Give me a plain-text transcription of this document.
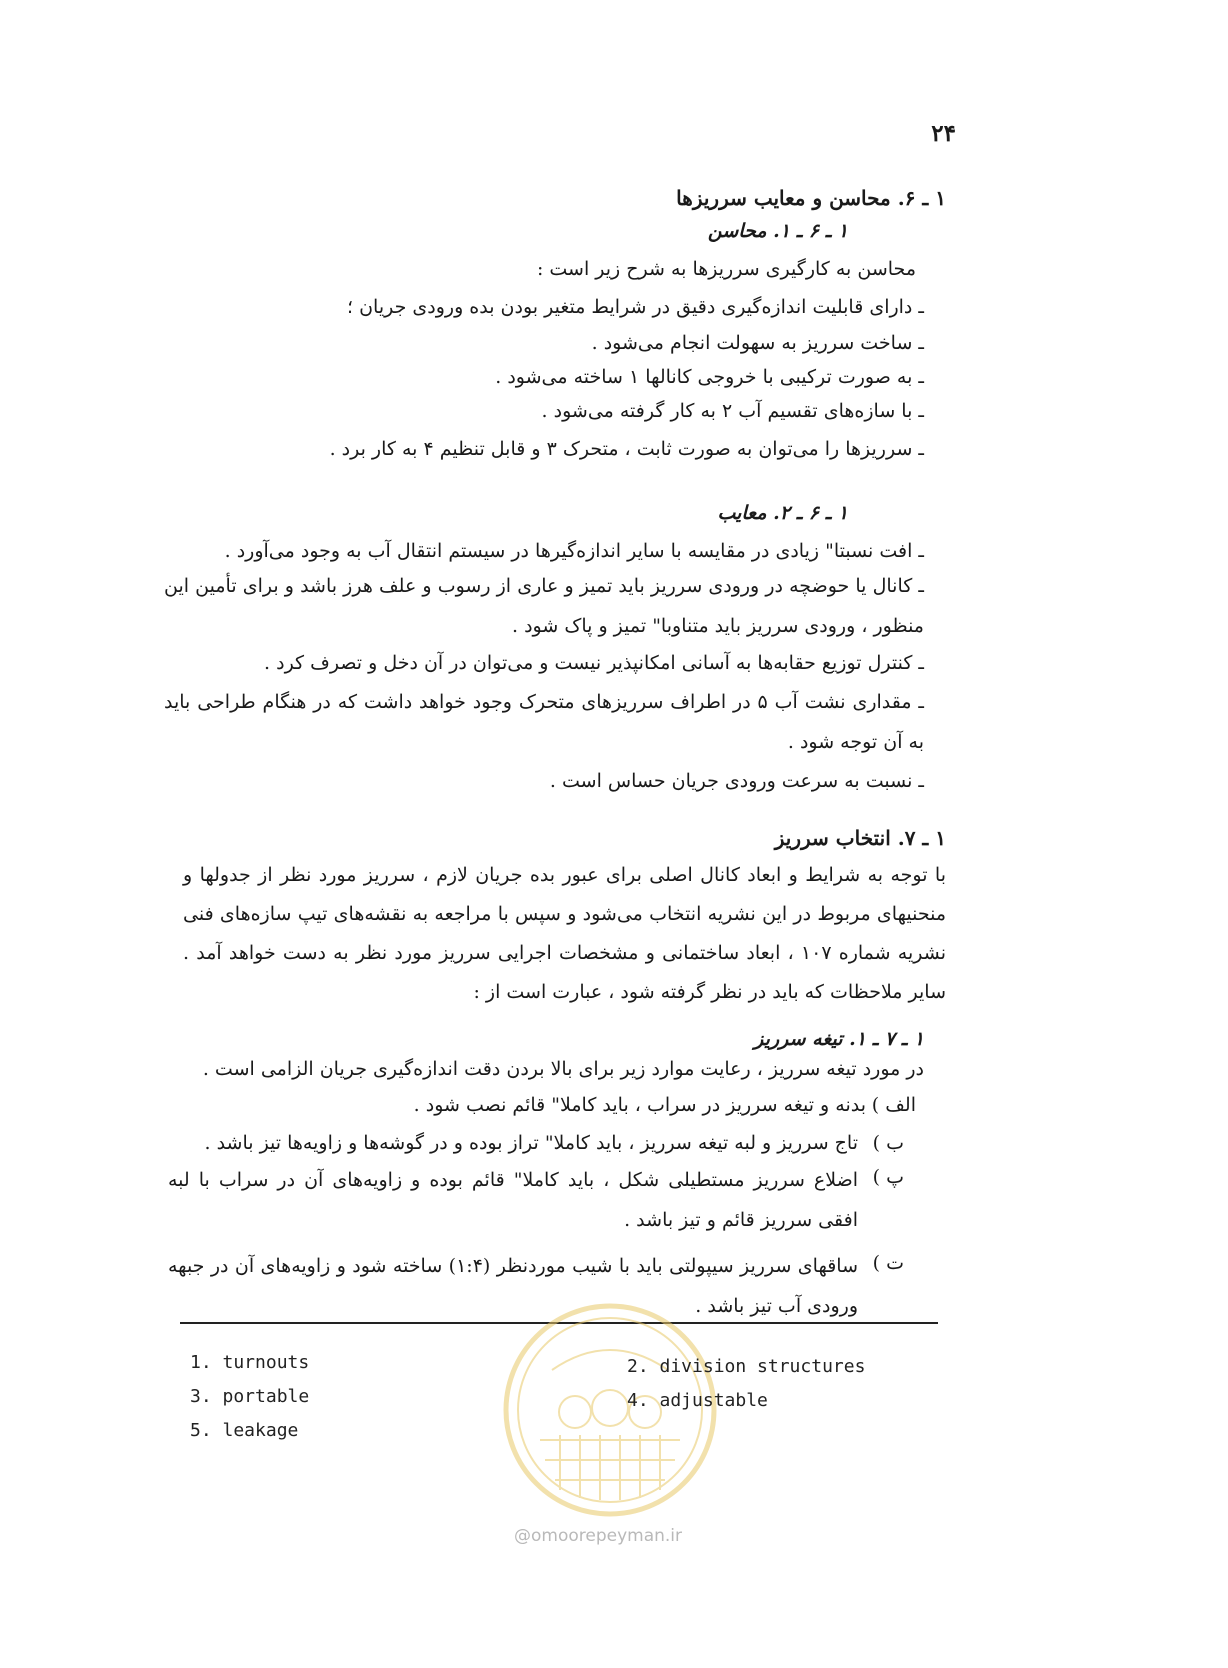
۲۴
۱ ـ ۶. محاسن و معایب سرریزها
۱ ـ ۶ ـ ۱. محاسن
محاسن به کارگیری سرریزها به شرح زیر است :
ـ دارای قابلیت اندازه‌گیری دقیق در شرایط متغیر بودن بده ورودی جریان ؛
ـ ساخت سرریز به سهولت انجام می‌شود .
ـ به صورت ترکیبی با خروجی کانالها ۱ ساخته می‌شود .
ـ با سازه‌های تقسیم آب ۲ به کار گرفته می‌شود .
ـ سرریزها را می‌توان به صورت ثابت ، متحرک ۳ و قابل تنظیم ۴ به کار برد .
۱ ـ ۶ ـ ۲. معایب
ـ افت نسبتا" زیادی در مقایسه با سایر اندازه‌گیرها در سیستم انتقال آب به وجود می‌آورد .
ـ کانال یا حوضچه در ورودی سرریز باید تمیز و عاری از رسوب و علف هرز باشد و برای تأمین این منظور ، ورودی سرریز باید متناوبا" تمیز و پاک شود .
ـ کنترل توزیع حقابه‌ها به آسانی امکانپذیر نیست و می‌توان در آن دخل و تصرف کرد .
ـ مقداری نشت آب ۵ در اطراف سرریزهای متحرک وجود خواهد داشت که در هنگام طراحی باید به آن توجه شود .
ـ نسبت به سرعت ورودی جریان حساس است .
۱ ـ ۷. انتخاب سرریز
با توجه به شرایط و ابعاد کانال اصلی برای عبور بده جریان لازم ، سرریز مورد نظر از جدولها و منحنیهای مربوط در این نشریه انتخاب می‌شود و سپس با مراجعه به نقشه‌های تیپ سازه‌های فنی نشریه شماره ۱۰۷ ، ابعاد ساختمانی و مشخصات اجرایی سرریز مورد نظر به دست خواهد آمد . سایر ملاحظات که باید در نظر گرفته شود ، عبارت است از :
۱ ـ ۷ ـ ۱. تیغه سرریز
در مورد تیغه سرریز ، رعایت موارد زیر برای بالا بردن دقت اندازه‌گیری جریان الزامی است .
الف )
بدنه و تیغه سرریز در سراب ، باید کاملا" قائم نصب شود .
ب )
تاج سرریز و لبه تیغه سرریز ، باید کاملا" تراز بوده و در گوشه‌ها و زاویه‌ها تیز باشد .
پ )
اضلاع سرریز مستطیلی شکل ، باید کاملا" قائم بوده و زاویه‌های آن در سراب با لبه افقی سرریز قائم و تیز باشد .
ت )
ساقهای سرریز سیپولتی باید با شیب موردنظر (۱:۴) ساخته شود و زاویه‌های آن در جبهه ورودی آب تیز باشد .
@omoorepeyman.ir
1. turnouts	2. division structures
3. portable	4. adjustable
5. leakage
